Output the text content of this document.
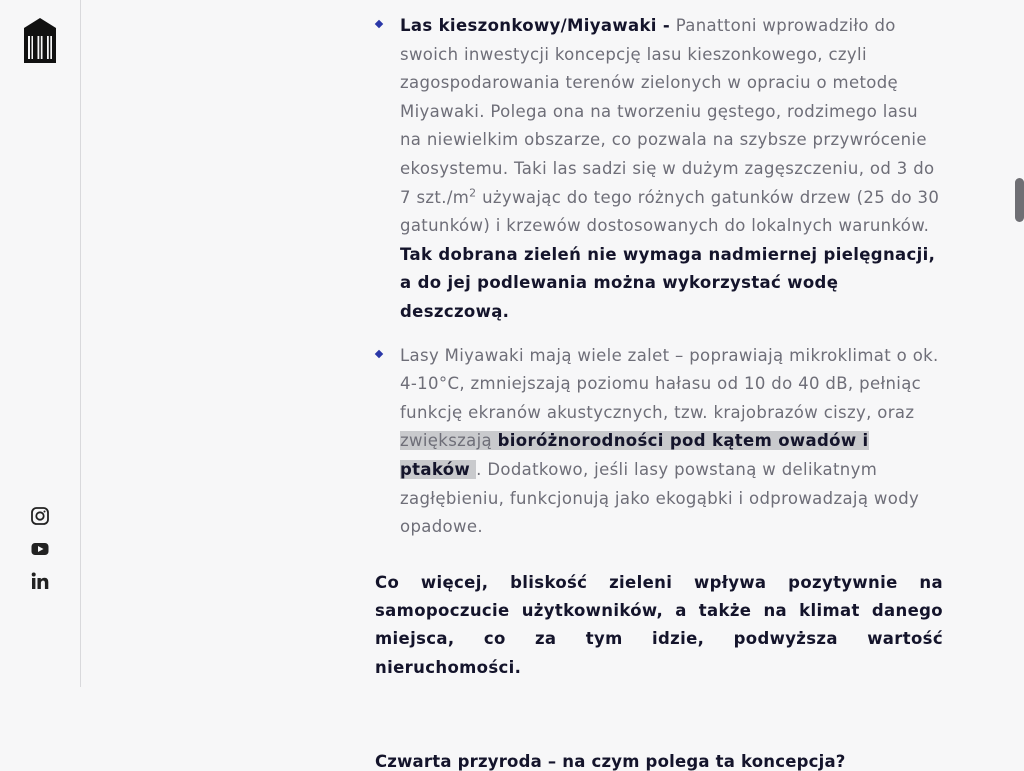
Las kieszonkowy/Miyawaki - Panattoni wprowadziło do swoich inwestycji koncepcję lasu kieszonkowego, czyli zagospodarowania terenów zielonych w opraciu o metodę Miyawaki. Polega ona na tworzeniu gęstego, rodzimego lasu na niewielkim obszarze, co pozwala na szybsze przywrócenie ekosystemu. Taki las sadzi się w dużym zagęszczeniu, od 3 do 7 $szt./m^2$ używając do tego różnych gatunków drzew (25 do 30 gatunków) i krzewów dostosowanych do lokalnych warunków. Tak dobrana zieleń nie wymaga nadmiernej pielęgnacji, a do jej podlewania można wykorzystać wodę deszczową.
Lasy Miyawaki mają wiele zalet – poprawiają mikroklimat o ok. 4-10°C, zmniejszają poziomu hałasu od 10 do 40 dB, pełniąc funkcję ekranów akustycznych, tzw. krajobrazów ciszy, oraz zwiększają bioróżnorodności pod kątem owadów i ptaków . Dodatkowo, jeśli lasy powstaną w delikatnym zagłębieniu, funkcjonują jako ekogąbki i odprowadzają wody opadowe.

Co więcej, bliskość zieleni wpływa pozytywnie na samopoczucie użytkowników, a także na klimat danego miejsca, co za tym idzie, podwyższa wartość nieruchomości.

Czwarta przyroda – na czym polega ta koncepcja?
